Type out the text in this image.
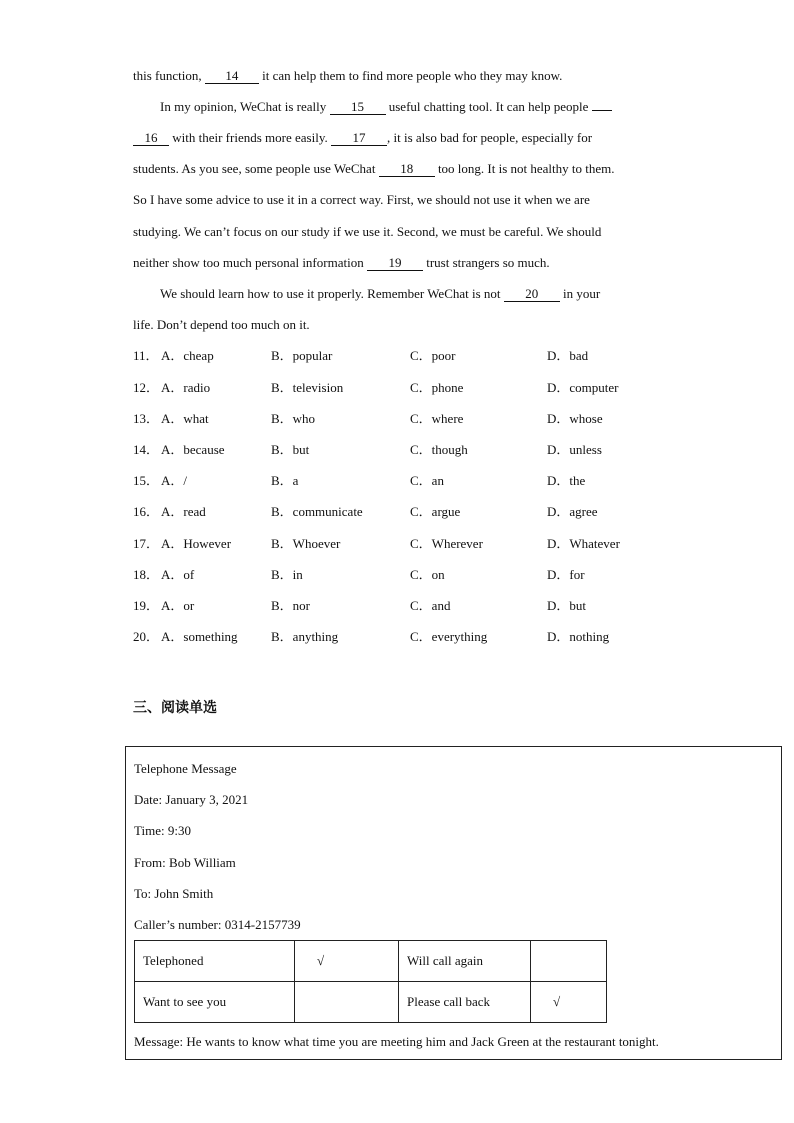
this function, 14 it can help them to find more people who they may know.
In my opinion, WeChat is really 15 useful chatting tool. It can help people
16 with their friends more easily. 17 , it is also bad for people, especially for
students. As you see, some people use WeChat 18 too long. It is not healthy to them.
So I have some advice to use it in a correct way. First, we should not use it when we are
studying. We can’t focus on our study if we use it. Second, we must be careful. We should
neither show too much personal information 19 trust strangers so much.
We should learn how to use it properly. Remember WeChat is not 20 in your
life. Don’t depend too much on it.
11． A．cheap	B．popular	C．poor	D．bad
12． A．radio	B．television	C．phone	D．computer
13． A．what	B．who	C．where	D．whose
14． A．because	B．but	C．though	D．unless
15． A．/	B．a	C．an	D．the
16． A．read	B．communicate	C．argue	D．agree
17． A．However	B．Whoever	C．Wherever	D．Whatever
18． A．of	B．in	C．on	D．for
19． A．or	B．nor	C．and	D．but
20． A．something	B．anything	C．everything	D．nothing
三、阅读单选
Telephone Message
Date: January 3, 2021
Time: 9:30
From: Bob William
To: John Smith
Caller’s number: 0314-2157739
Telephoned	√	Will call again	
Want to see you		Please call back	√
Message: He wants to know what time you are meeting him and Jack Green at the restaurant tonight.
